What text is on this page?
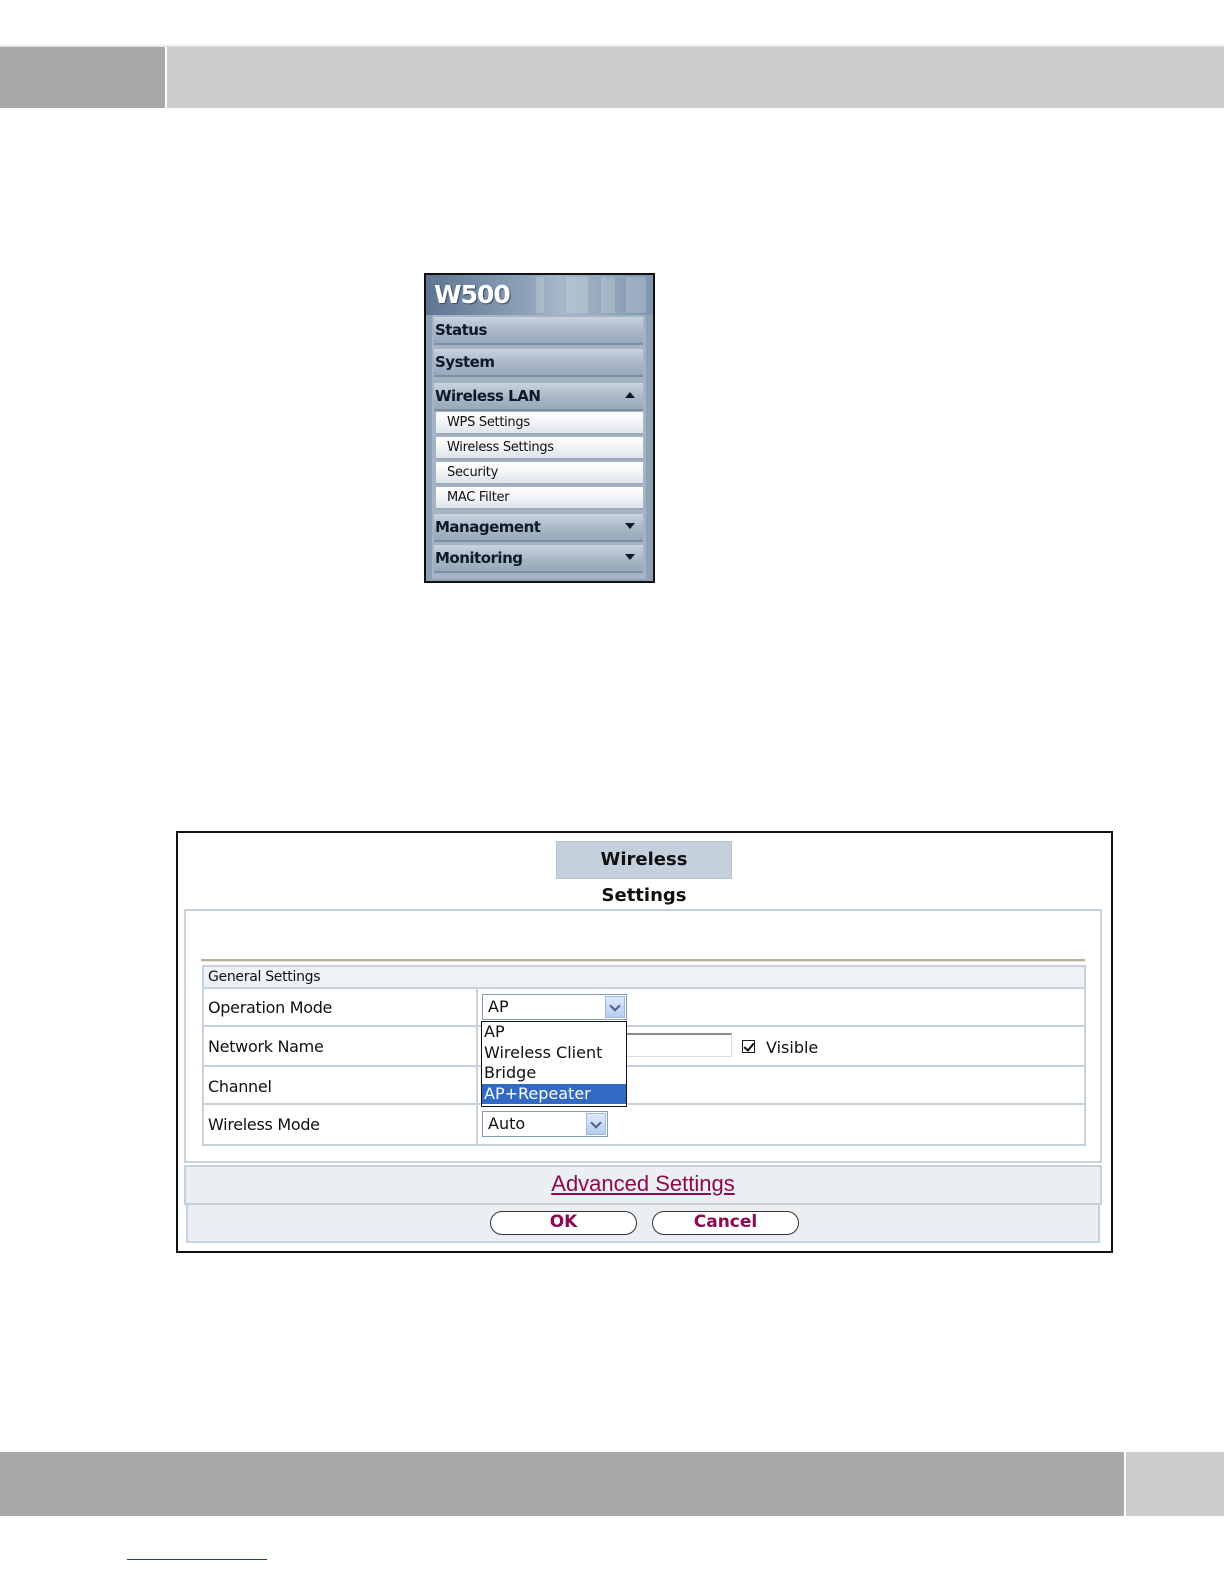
W500
Status
System
Wireless LAN
WPS Settings
Wireless Settings
Security
MAC Filter
Management
Monitoring
Wireless Settings
General Settings
Operation Mode	AP
Network Name	Visible
Channel
Wireless Mode	Auto
AP
Wireless Client
Bridge
AP+Repeater
Advanced Settings
OK	Cancel
